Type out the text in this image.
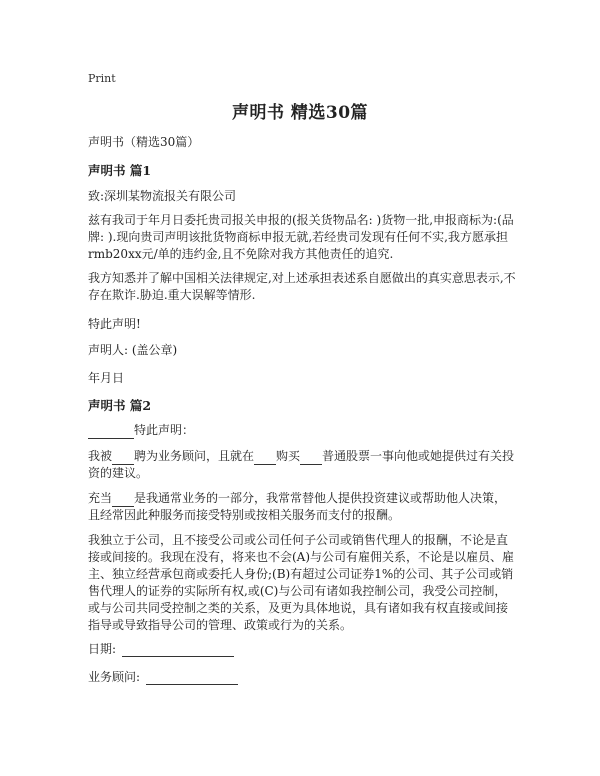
Print
声明书 精选30篇

声明书（精选30篇）

声明书 篇1

致:深圳某物流报关有限公司

兹有我司于年月日委托贵司报关申报的(报关货物品名: )货物一批,申报商标为:(品牌: ).现向贵司声明该批货物商标申报无就,若经贵司发现有任何不实,我方愿承担rmb20xx元/单的违约金,且不免除对我方其他责任的追究.

我方知悉并了解中国相关法律规定,对上述承担表述系自愿做出的真实意思表示,不存在欺诈.胁迫.重大误解等情形.

特此声明!

声明人: (盖公章)

年月日

声明书 篇2

特此声明：

我被 聘为业务顾问，且就在 购买 普通股票一事向他或她提供过有关投资的建议。

充当 是我通常业务的一部分，我常常替他人提供投资建议或帮助他人决策，且经常因此种服务而接受特别或按相关服务而支付的报酬。

我独立于公司，且不接受公司或公司任何子公司或销售代理人的报酬，不论是直接或间接的。我现在没有，将来也不会(A)与公司有雇佣关系，不论是以雇员、雇主、独立经营承包商或委托人身份;(B)有超过公司证券1%的公司、其子公司或销售代理人的证券的实际所有权,或(C)与公司有诸如我控制公司，我受公司控制，或与公司共同受控制之类的关系，及更为具体地说，具有诸如我有权直接或间接指导或导致指导公司的管理、政策或行为的关系。

日期:
业务顾问:
